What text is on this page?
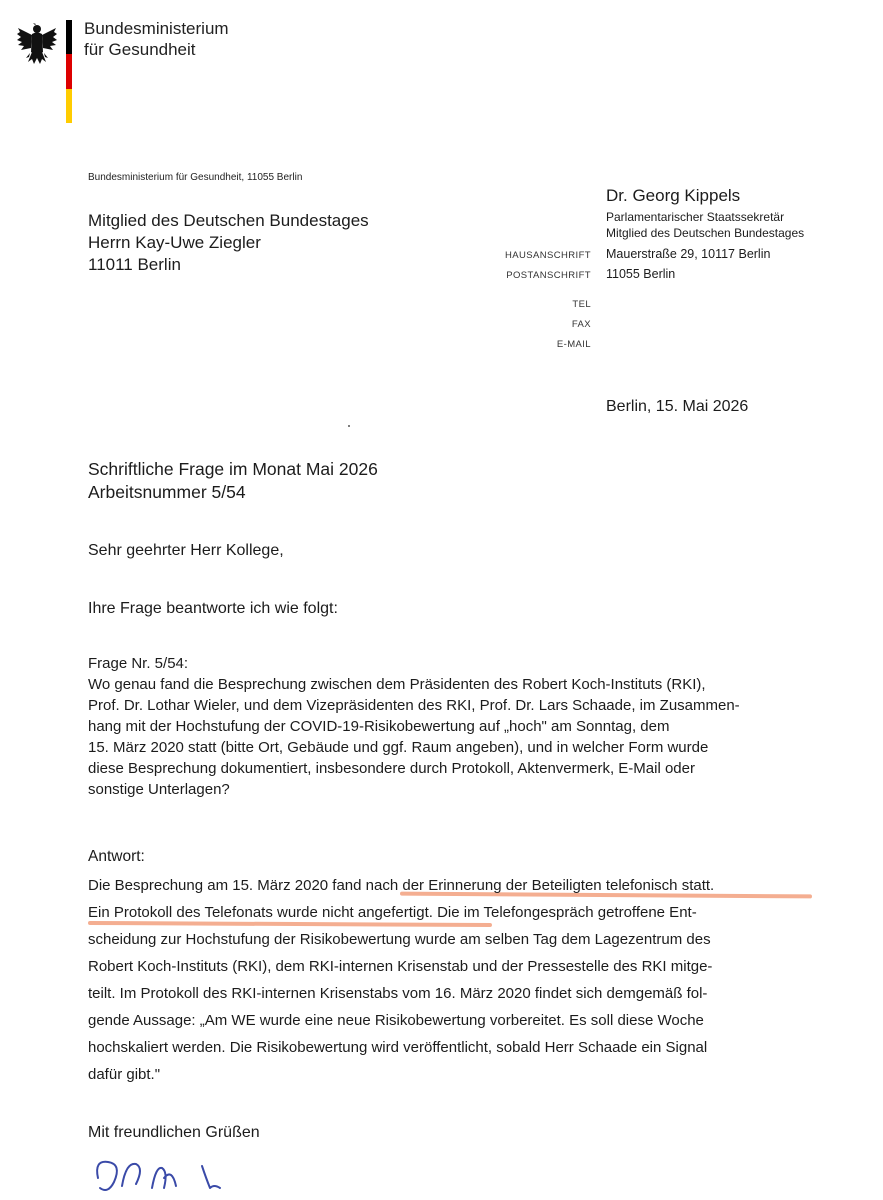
Bundesministerium
für Gesundheit
Bundesministerium für Gesundheit, 11055 Berlin
Mitglied des Deutschen Bundestages
Herrn Kay-Uwe Ziegler
11011 Berlin
Dr. Georg Kippels
Parlamentarischer Staatssekretär
Mitglied des Deutschen Bundestages
HAUSANSCHRIFT Mauerstraße 29, 10117 Berlin
POSTANSCHRIFT 11055 Berlin
TEL
FAX
E-MAIL
Berlin, 15. Mai 2026
Schriftliche Frage im Monat Mai 2026
Arbeitsnummer 5/54
Sehr geehrter Herr Kollege,
Ihre Frage beantworte ich wie folgt:
Frage Nr. 5/54:
Wo genau fand die Besprechung zwischen dem Präsidenten des Robert Koch-Instituts (RKI),
Prof. Dr. Lothar Wieler, und dem Vizepräsidenten des RKI, Prof. Dr. Lars Schaade, im Zusammen-
hang mit der Hochstufung der COVID-19-Risikobewertung auf „hoch" am Sonntag, dem
15. März 2020 statt (bitte Ort, Gebäude und ggf. Raum angeben), und in welcher Form wurde
diese Besprechung dokumentiert, insbesondere durch Protokoll, Aktenvermerk, E-Mail oder
sonstige Unterlagen?
Antwort:
Die Besprechung am 15. März 2020 fand nach der Erinnerung der Beteiligten telefonisch statt.
Ein Protokoll des Telefonats wurde nicht angefertigt. Die im Telefongespräch getroffene Ent-
scheidung zur Hochstufung der Risikobewertung wurde am selben Tag dem Lagezentrum des
Robert Koch-Instituts (RKI), dem RKI-internen Krisenstab und der Pressestelle des RKI mitge-
teilt. Im Protokoll des RKI-internen Krisenstabs vom 16. März 2020 findet sich demgemäß fol-
gende Aussage: „Am WE wurde eine neue Risikobewertung vorbereitet. Es soll diese Woche
hochskaliert werden. Die Risikobewertung wird veröffentlicht, sobald Herr Schaade ein Signal
dafür gibt."
Mit freundlichen Grüßen
